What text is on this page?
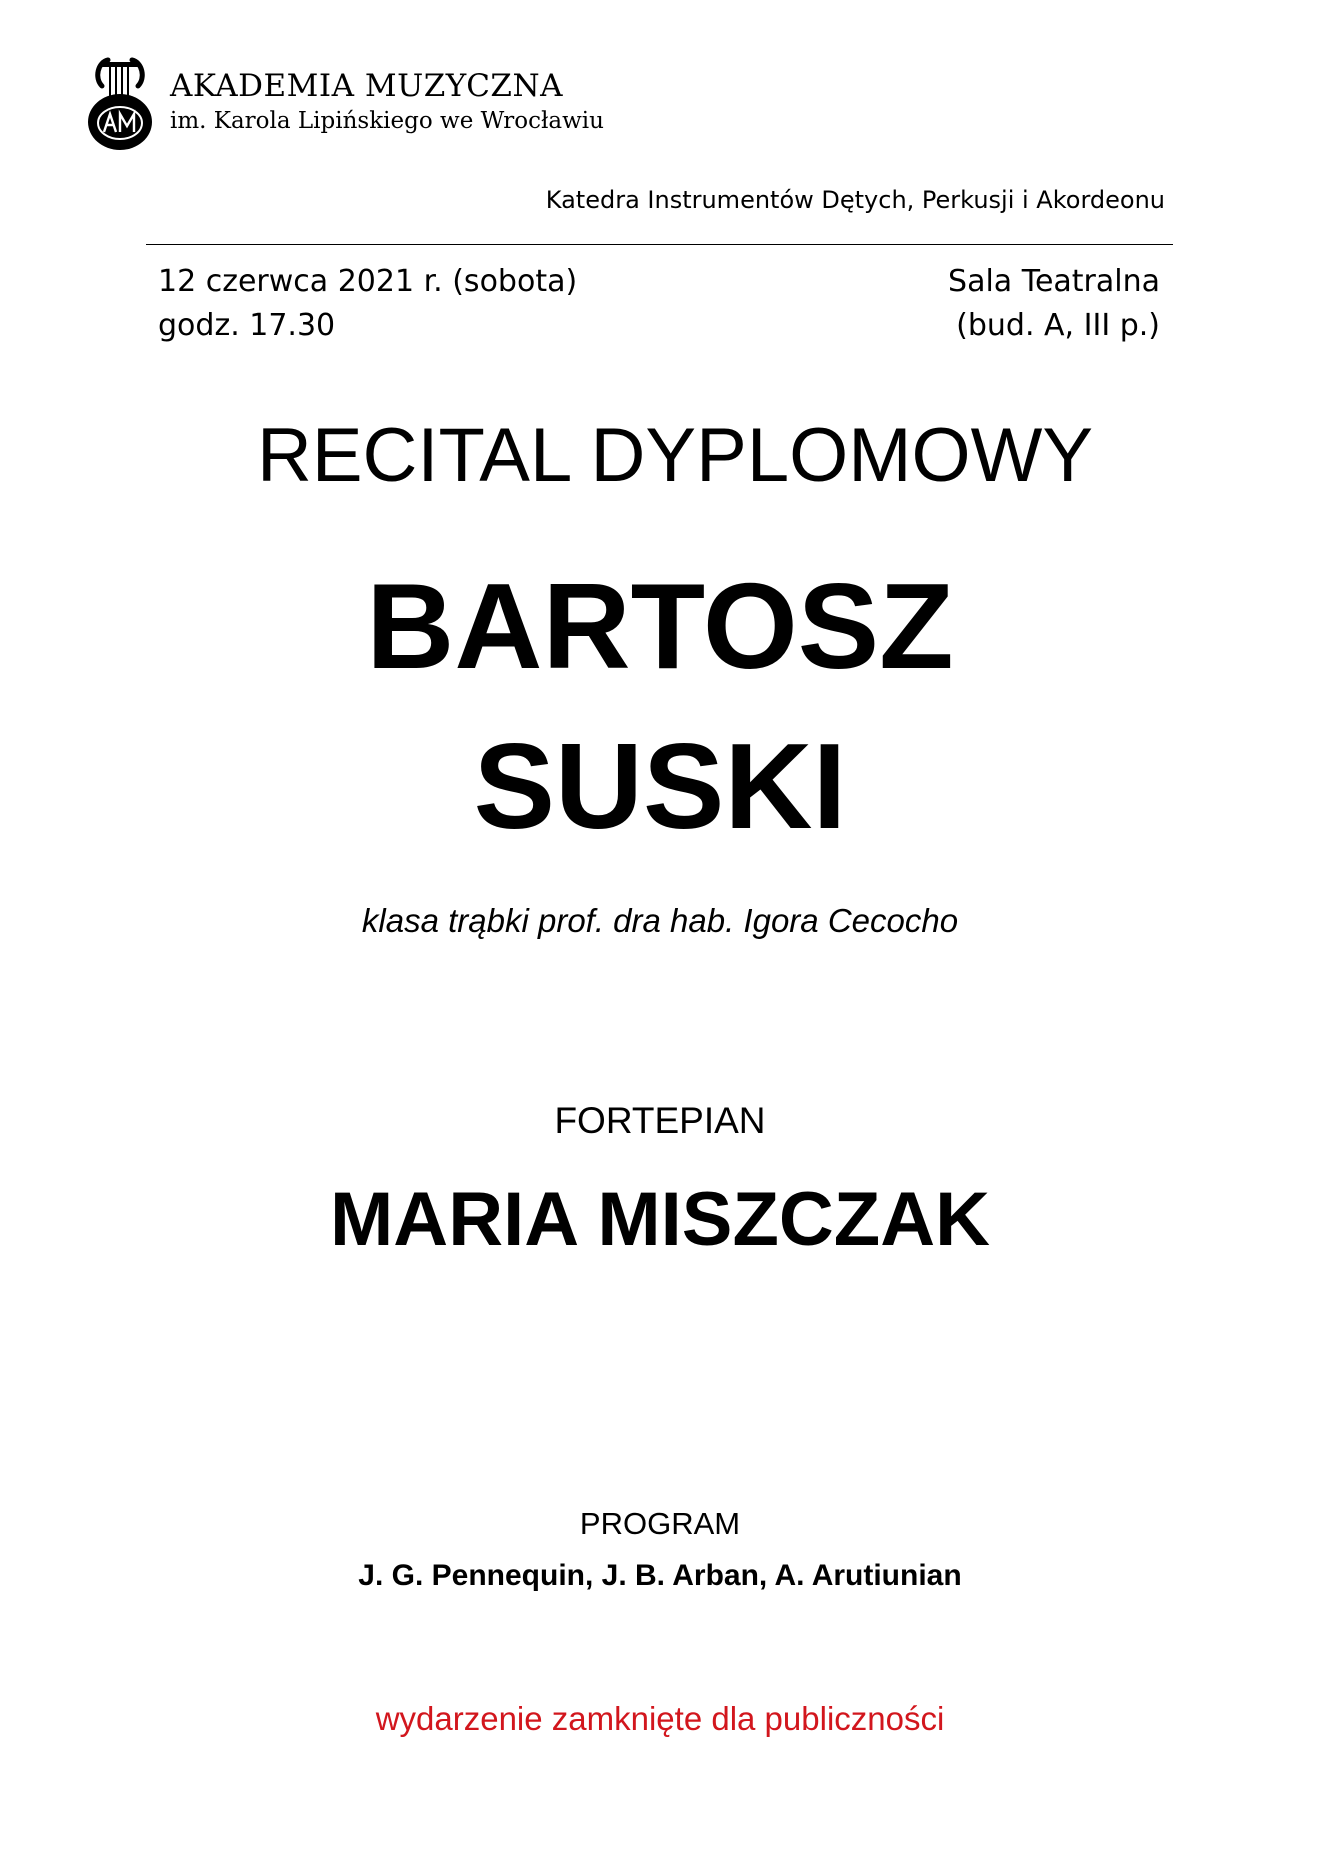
AKADEMIA MUZYCZNA
im. Karola Lipińskiego we Wrocławiu
Katedra Instrumentów Dętych, Perkusji i Akordeonu
12 czerwca 2021 r. (sobota)
godz. 17.30
Sala Teatralna
(bud. A, III p.)
RECITAL DYPLOMOWY
BARTOSZ
SUSKI
klasa trąbki prof. dra hab. Igora Cecocho
FORTEPIAN
MARIA MISZCZAK
PROGRAM
J. G. Pennequin, J. B. Arban, A. Arutiunian
wydarzenie zamknięte dla publiczności
